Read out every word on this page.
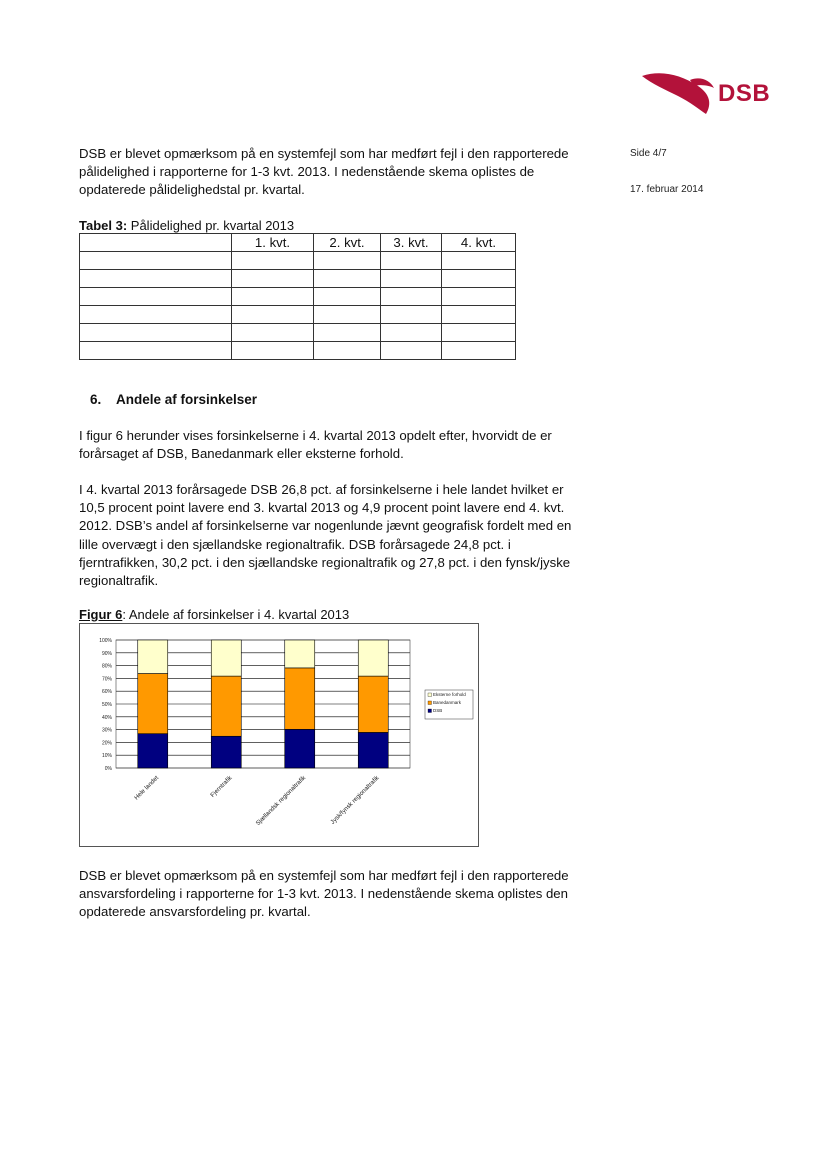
DSB
Side 4/7
17. februar 2014
DSB er blevet opmærksom på en systemfejl som har medført fejl i den rapporterede
pålidelighed i rapporterne for 1-3 kvt. 2013. I nedenstående skema oplistes de
opdaterede pålidelighedstal pr. kvartal.
Tabel 3: Pålidelighed pr. kvartal 2013
	1. kvt.	2. kvt.	3. kvt.	4. kvt.

6. Andele af forsinkelser
I figur 6 herunder vises forsinkelserne i 4. kvartal 2013 opdelt efter, hvorvidt de er
forårsaget af DSB, Banedanmark eller eksterne forhold.
I 4. kvartal 2013 forårsagede DSB 26,8 pct. af forsinkelserne i hele landet hvilket er
10,5 procent point lavere end 3. kvartal 2013 og 4,9 procent point lavere end 4. kvt.
2012. DSB’s andel af forsinkelserne var nogenlunde jævnt geografisk fordelt med en
lille overvægt i den sjællandske regionaltrafik. DSB forårsagede 24,8 pct. i
fjerntrafikken, 30,2 pct. i den sjællandske regionaltrafik og 27,8 pct. i den fynsk/jyske
regionaltrafik.
Figur 6: Andele af forsinkelser i 4. kvartal 2013
0%
10%
20%
30%
40%
50%
60%
70%
80%
90%
100%
Hele landet	Fjerntrafik	Sjællandsk regionaltrafik	Jysk/fynsk regionaltrafik
Eksterne forhold
Banedanmark
DSB
DSB er blevet opmærksom på en systemfejl som har medført fejl i den rapporterede
ansvarsfordeling i rapporterne for 1-3 kvt. 2013. I nedenstående skema oplistes den
opdaterede ansvarsfordeling pr. kvartal.
